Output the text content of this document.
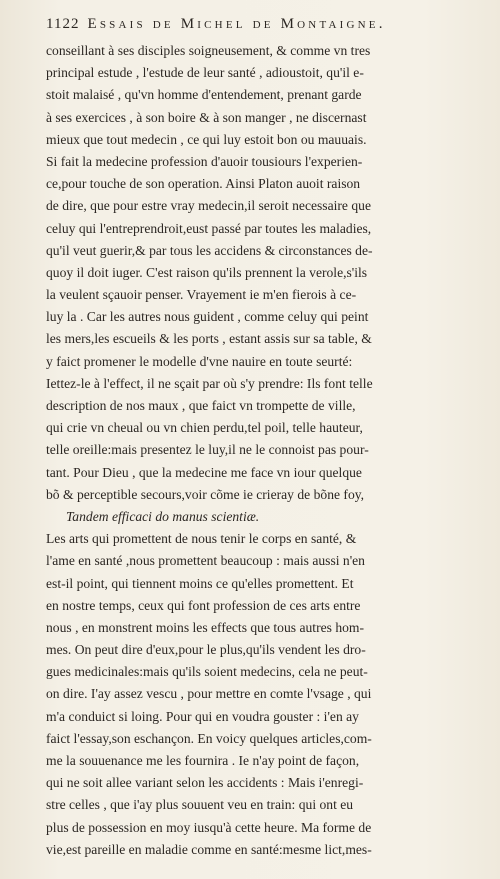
1122 Essais de Michel de Montaigne.
conseillant à ses disciples soigneusement, & comme vn tres
principal estude , l'estude de leur santé , adioustoit, qu'il e-
stoit malaisé , qu'vn homme d'entendement, prenant garde
à ses exercices , à son boire & à son manger , ne discernast
mieux que tout medecin , ce qui luy estoit bon ou mauuais.
Si fait la medecine profession d'auoir tousiours l'experien-
ce,pour touche de son operation. Ainsi Platon auoit raison
de dire, que pour estre vray medecin,il seroit necessaire que
celuy qui l'entreprendroit,eust passé par toutes les maladies,
qu'il veut guerir,& par tous les accidens & circonstances de-
quoy il doit iuger. C'est raison qu'ils prennent la verole,s'ils
la veulent sçauoir penser. Vrayement ie m'en fierois à ce-
luy la . Car les autres nous guident , comme celuy qui peint
les mers,les escueils & les ports , estant assis sur sa table, &
y faict promener le modelle d'vne nauire en toute seurté:
Iettez-le à l'effect, il ne sçait par où s'y prendre: Ils font telle
description de nos maux , que faict vn trompette de ville,
qui crie vn cheual ou vn chien perdu,tel poil, telle hauteur,
telle oreille:mais presentez le luy,il ne le connoist pas pour-
tant. Pour Dieu , que la medecine me face vn iour quelque
bõ & perceptible secours,voir cõme ie crieray de bõne foy,
Tandem efficaci do manus scientiæ.
Les arts qui promettent de nous tenir le corps en santé, &
l'ame en santé ,nous promettent beaucoup : mais aussi n'en
est-il point, qui tiennent moins ce qu'elles promettent. Et
en nostre temps, ceux qui font profession de ces arts entre
nous , en monstrent moins les effects que tous autres hom-
mes. On peut dire d'eux,pour le plus,qu'ils vendent les dro-
gues medicinales:mais qu'ils soient medecins, cela ne peut-
on dire. I'ay assez vescu , pour mettre en comte l'vsage , qui
m'a conduict si loing. Pour qui en voudra gouster : i'en ay
faict l'essay,son eschançon. En voicy quelques articles,com-
me la souuenance me les fournira . Ie n'ay point de façon,
qui ne soit allee variant selon les accidents : Mais i'enregi-
stre celles , que i'ay plus souuent veu en train: qui ont eu
plus de possession en moy iusqu'à cette heure. Ma forme de
vie,est pareille en maladie comme en santé:mesme lict,mes-
